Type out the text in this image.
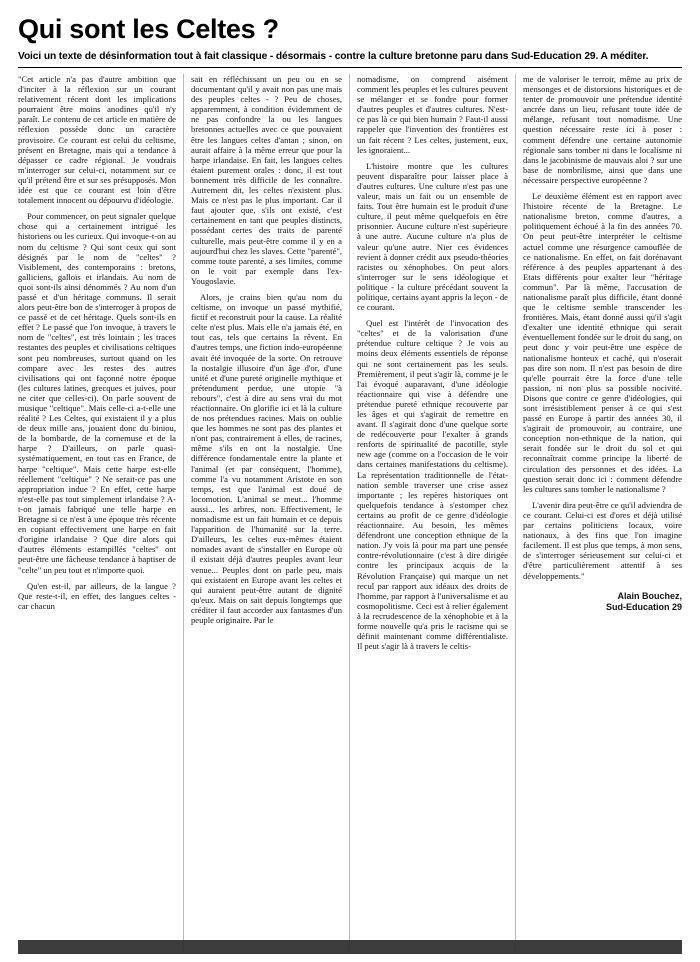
Qui sont les Celtes ?
Voici un texte de désinformation tout à fait classique - désormais - contre la culture bretonne paru dans Sud-Education 29. A méditer.

"Cet article n'a pas d'autre ambition que d'inciter à la réflexion sur un courant relativement récent dont les implications pourraient être moins anodines qu'il n'y paraît. Le contenu de cet article en matière de réflexion possède donc un caractère provisoire. Ce courant est celui du celtisme, présent en Bretagne, mais qui a tendance à dépasser ce cadre régional. Je voudrais m'interroger sur celui-ci, notamment sur ce qu'il prétend être et sur ses présupposés. Mon idée est que ce courant est loin d'être totalement innocent ou dépourvu d'idéologie.

Pour commencer, on peut signaler quelque chose qui a certainement intrigué les historiens ou les curieux. Qui invoque-t-on au nom du celtisme ? Qui sont ceux qui sont désignés par le nom de "celtes" ? Visiblement, des contemporains : bretons, galliciens, gallois et irlandais. Au nom de quoi sont-ils ainsi dénommés ? Au nom d'un passé et d'un héritage communs. Il serait alors peut-être bon de s'interroger à propos de ce passé et de cet héritage. Quels sont-ils en effet ? Le passé que l'on invoque, à travers le nom de "celtes", est très lointain ; les traces restantes des peuples et civilisations celtiques sont peu nombreuses, surtout quand on les compare avec les restes des autres civilisations qui ont façonné notre époque (les cultures latines, grecques et juives, pour ne citer que celles-ci). On parle souvent de musique "celtique". Mais celle-ci a-t-elle une réalité ? Les Celtes, qui existaient il y a plus de deux mille ans, jouaient donc du biniou, de la bombarde, de la cornemuse et de la harpe ? D'ailleurs, on parle quasi-systématiquement, en tout cas en France, de harpe "celtique". Mais cette harpe est-elle réellement "celtique" ? Ne serait-ce pas une appropriation indue ? En effet, cette harpe n'est-elle pas tout simplement irlandaise ? A-t-on jamais fabriqué une telle harpe en Bretagne si ce n'est à une époque très récente en copiant effectivement une harpe en fait d'origine irlandaise ? Que dire alors qui d'autres éléments estampillés "celtes" ont peut-être une fâcheuse tendance à baptiser de "celte" un peu tout et n'importe quoi.

Qu'en est-il, par ailleurs, de la langue ? Que reste-t-il, en effet, des langues celtes - car chacun

sait en réfléchissant un peu ou en se documentant qu'il y avait non pas une mais des peuples celtes - ? Peu de choses, apparemment, à condition évidemment de ne pas confondre la ou les langues bretonnes actuelles avec ce que pouvaient être les langues celtes d'antan ; sinon, on aurait affaire à la même erreur que pour la harpe irlandaise. En fait, les langues celtes étaient purement orales : donc, il est tout bonnement très difficile de les connaître. Autrement dit, les celtes n'existent plus. Mais ce n'est pas le plus important. Car il faut ajouter que, s'ils ont existé, c'est certainement en tant que peuples distincts, possédant certes des traits de parenté culturelle, mais peut-être comme il y en a aujourd'hui chez les slaves. Cette "parenté", comme toute parenté, a ses limites, comme on le voit par exemple dans l'ex-Yougoslavie.

Alors, je crains bien qu'au nom du celtisme, on invoque un passé mythifié, fictif et reconstruit pour la cause. La réalité celte n'est plus. Mais elle n'a jamais été, en tout cas, tels que certains la rêvent. En d'autres temps, une fiction indo-européenne avait été invoquée de la sorte. On retrouve la nostalgie illusoire d'un âge d'or, d'une unité et d'une pureté originelle mythique et prétendument perdue, une utopie "à rebours", c'est à dire au sens vrai du mot réactionnaire. On glorifie ici et là la culture de nos prétendues racines. Mais on oublie que les hommes ne sont pas des plantes et n'ont pas, contrairement à elles, de racines, même s'ils en ont la nostalgie. Une différence fondamentale entre la plante et l'animal (et par conséquent, l'homme), comme l'a vu notamment Aristote en son temps, est que l'animal est doué de locomotion. L'animal se meut... l'homme aussi... les arbres, non. Effectivement, le nomadisme est un fait humain et ce depuis l'apparition de l'humanité sur la terre. D'ailleurs, les celtes eux-mêmes étaient nomades avant de s'installer en Europe où il existait déjà d'autres peuples avant leur venue... Peuples dont on parle peu, mais qui existaient en Europe avant les celtes et qui auraient peut-être autant de dignité qu'eux. Mais on sait depuis longtemps que créditer il faut accorder aux fantasmes d'un peuple originaire. Par le

nomadisme, on comprend aisément comment les peuples et les cultures peuvent se mélanger et se fondre pour former d'autres peuples et d'autres cultures. N'est-ce pas là ce qui bien humain ? Faut-il aussi rappeler que l'invention des frontières est un fait récent ? Les celtes, justement, eux, les ignoraient...

L'histoire montre que les cultures peuvent disparaître pour laisser place à d'autres cultures. Une culture n'est pas une valeur, mais un fait ou un ensemble de faits. Tout être humain est le produit d'une culture, il peut même quelquefois en être prisonnier. Aucune culture n'est supérieure à une autre. Aucune culture n'a plus de valeur qu'une autre. Nier ces évidences revient à donner crédit aux pseudo-théories racistes ou xénophobes. On peut alors s'interroger sur le sens idéologique et politique - la culture précédant souvent la politique, certains ayant appris la leçon - de ce courant.

Quel est l'intérêt de l'invocation des "celtes" et de la valorisation d'une prétendue culture celtique ? Je vois au moins deux éléments essentiels de réponse qui ne sont certainement pas les seuls. Premièrement, il peut s'agir là, comme je le l'ai évoqué auparavant, d'une idéologie réactionnaire qui vise à défendre une prétendue pureté ethnique recouverte par les âges et qui s'agirait de remettre en avant. Il s'agirait donc d'une quelque sorte de redécouverte pour l'exalter à grands renforts de spiritualité de pacotille, style new age (comme on a l'occasion de le voir dans certaines manifestations du celtisme). La représentation traditionnelle de l'état-nation semble traverser une crise assez importante ; les repères historiques ont quelquefois tendance à s'estomper chez certains au profit de ce genre d'idéologie réactionnaire. Au besoin, les mêmes défendront une conception ethnique de la nation. J'y vois là pour ma part une pensée contre-révolutionnaire (c'est à dire dirigée contre les principaux acquis de la Révolution Française) qui marque un net recul par rapport aux idéaux des droits de l'homme, par rapport à l'universalisme et au cosmopolitisme. Ceci est à relier également à la recrudescence de la xénophobie et à la forme nouvelle qu'a pris le racisme qui se définit maintenant comme différentialiste. Il peut s'agir là à travers le celtis-

me de valoriser le terroir, même au prix de mensonges et de distorsions historiques et de tenter de promouvoir une prétendue identité ancrée dans un lieu, refusant toute idée de mélange, refusant tout nomadisme. Une question nécessaire reste ici à poser : comment défendre une certaine autonomie régionale sans tomber ni dans le localisme ni dans le jacobinisme de mauvais aloi ? sur une base de nombrilisme, ainsi que dans une nécessaire perspective européenne ?

Le deuxième élément est en rapport avec l'histoire récente de la Bretagne. Le nationalisme breton, comme d'autres, a politiquement échoué à la fin des années 70. On peut peut-être interpréter le celtisme actuel comme une résurgence camouflée de ce nationalisme. En effet, on fait dorénavant référence à des peuples appartenant à des Etats différents pour exalter leur "héritage commun". Par là même, l'accusation de nationalisme paraît plus difficile, étant donné que le celtisme semble transcender les frontières. Mais, étant donné aussi qu'il s'agit d'exalter une identité ethnique qui serait éventuellement fondée sur le droit du sang, on peut donc y voir peut-être une espèce de nationalisme honteux et caché, qui n'oserait pas dire son nom. Il n'est pas besoin de dire qu'elle pourrait être la force d'une telle passion, ni non plus sa possible nocivité. Disons que contre ce genre d'idéologies, qui sont irrésistiblement penser à ce qui s'est passé en Europe à partir des années 30, il s'agirait de promouvoir, au contraire, une conception non-ethnique de la nation, qui serait fondée sur le droit du sol et qui reconnaîtrait comme principe la liberté de circulation des personnes et des idées. La question serait donc ici : comment défendre les cultures sans tomber le nationalisme ?

L'avenir dira peut-être ce qu'il adviendra de ce courant. Celui-ci est d'ores et déjà utilisé par certains politiciens locaux, voire nationaux, à des fins que l'on imagine facilement. Il est plus que temps, à mon sens, de s'interroger sérieusement sur celui-ci et d'être particulièrement attentif à ses développements."

Alain Bouchez,
Sud-Education 29
